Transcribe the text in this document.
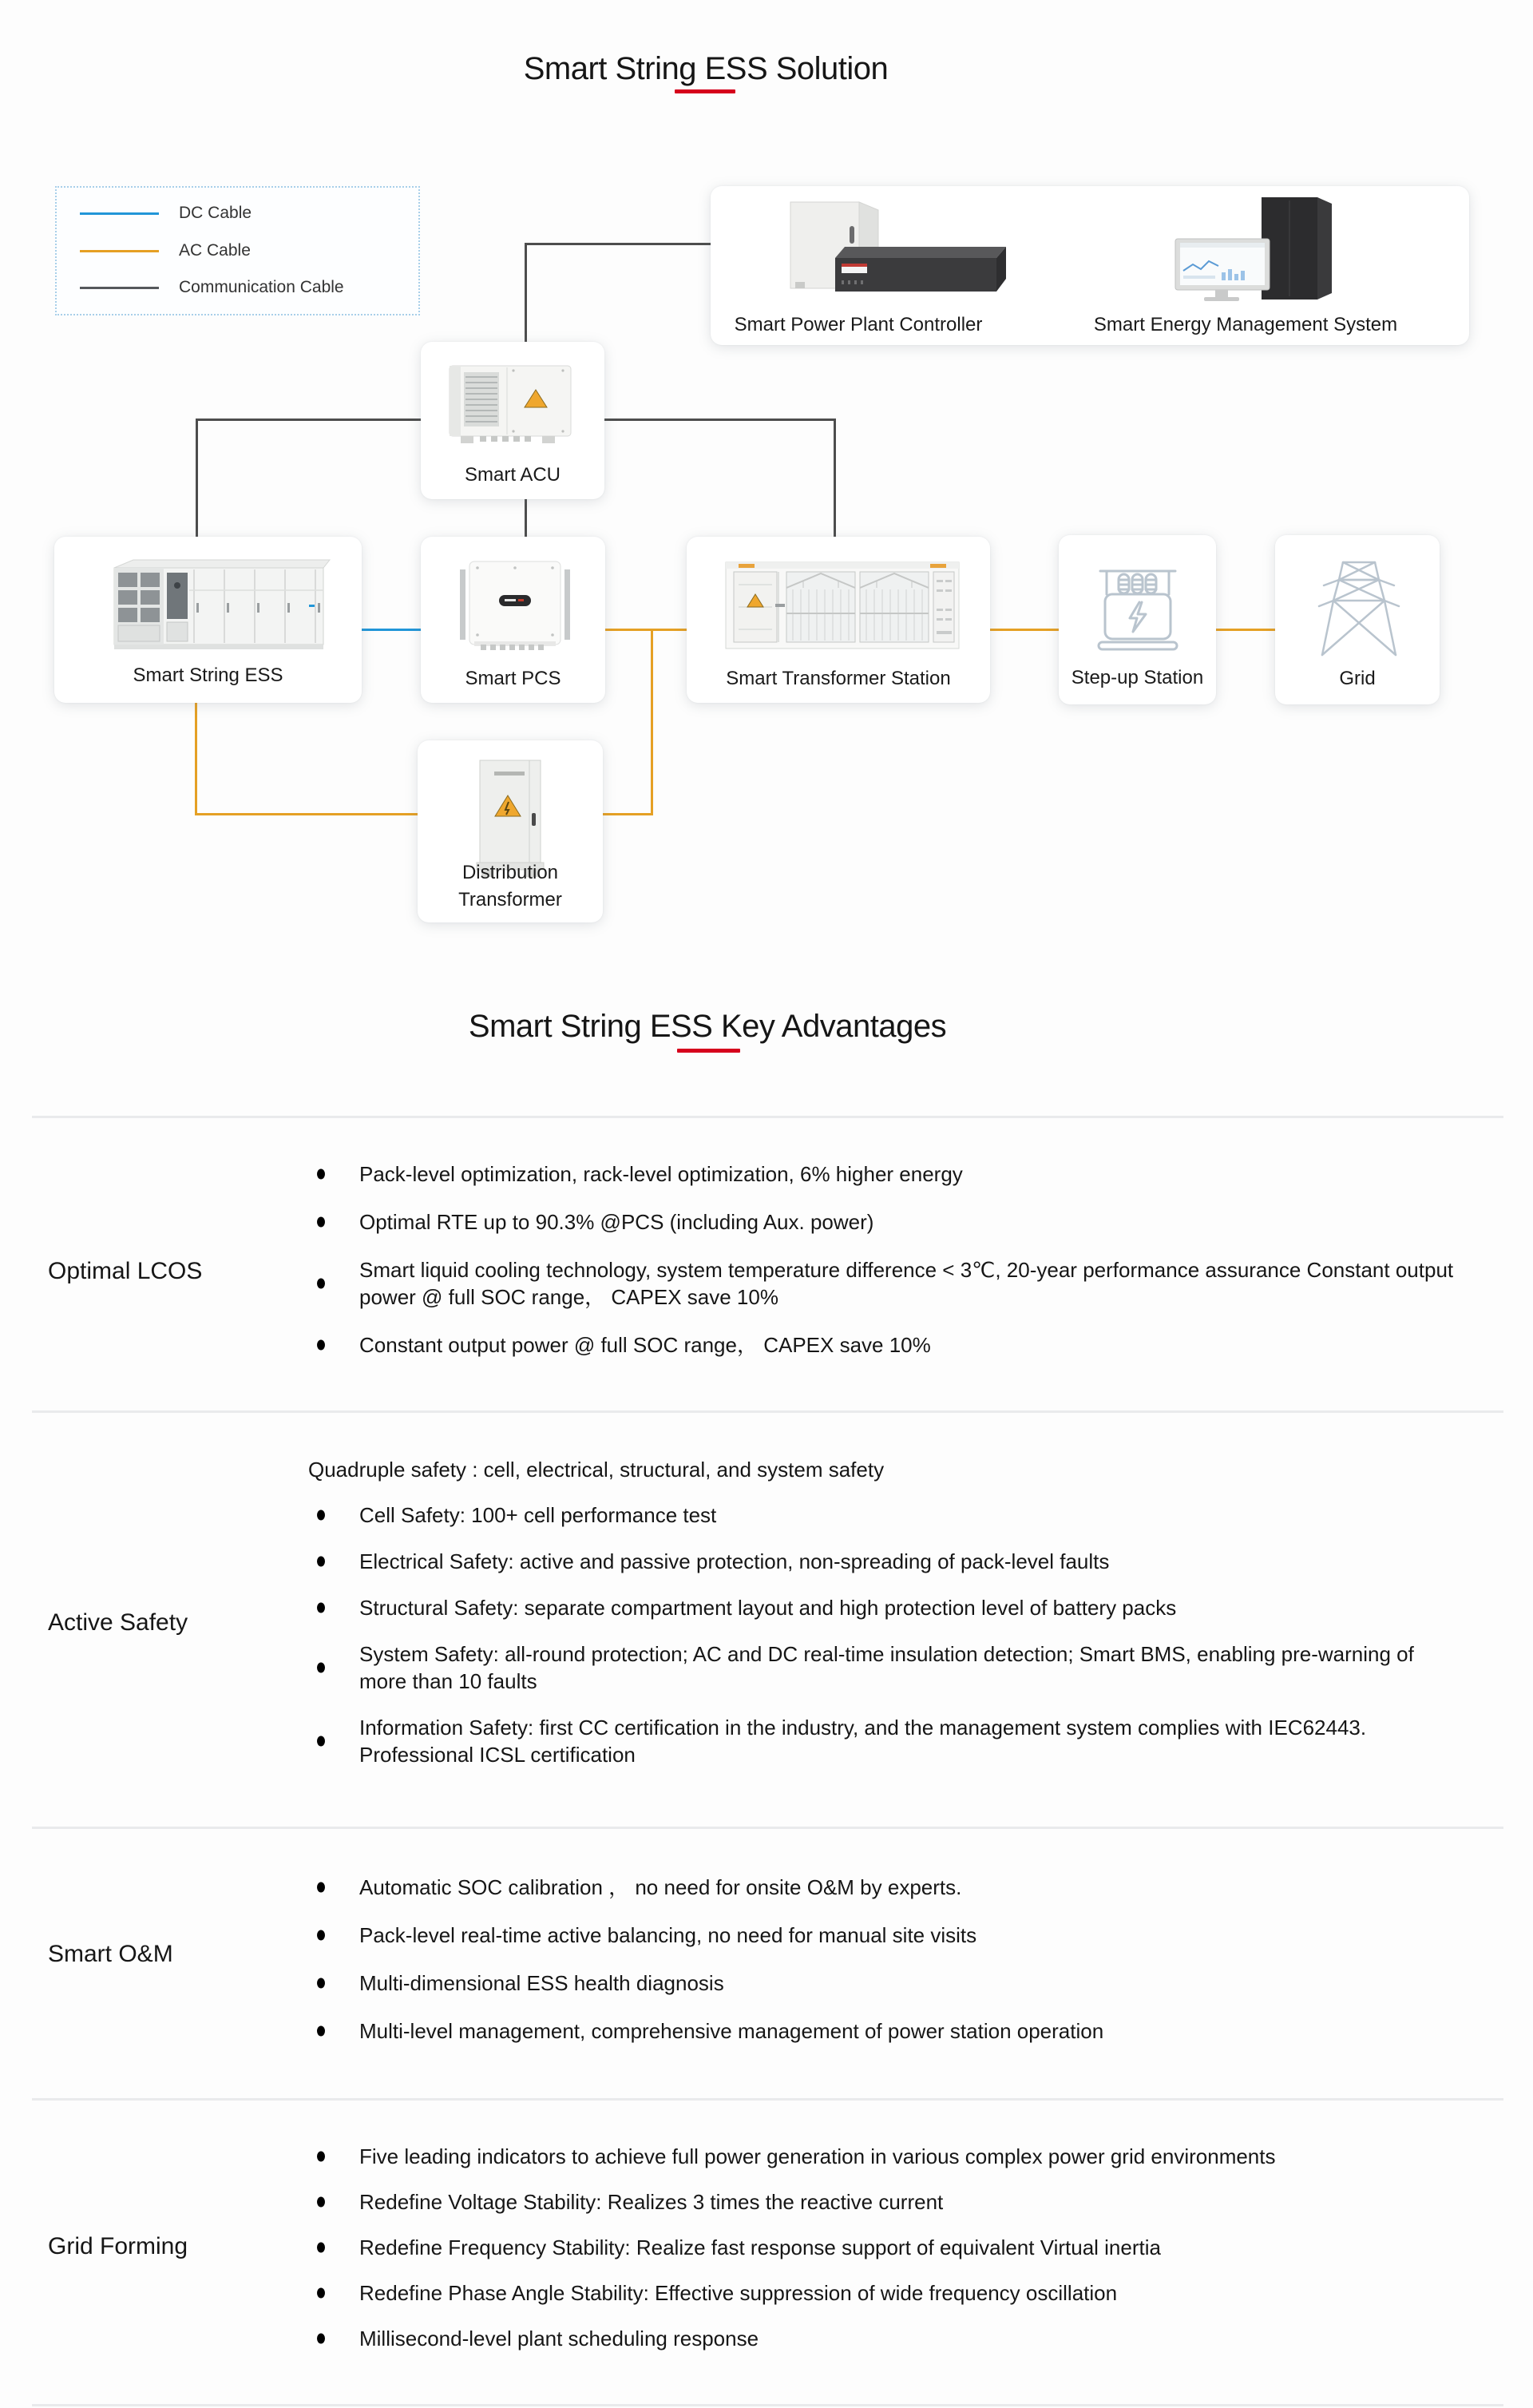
Smart String ESS Solution
DC Cable
AC Cable
Communication Cable
Smart Power Plant Controller	Smart Energy Management System
Smart ACU
Smart String ESS	Smart PCS	Smart Transformer Station	Step-up Station	Grid
Distribution
Transformer
Smart String ESS Key Advantages
Optimal LCOS
Pack-level optimization, rack-level optimization, 6% higher energy
Optimal RTE up to 90.3% @PCS (including Aux. power)
Smart liquid cooling technology, system temperature difference < 3℃, 20-year performance assurance Constant output power @ full SOC range， CAPEX save 10%
Constant output power @ full SOC range， CAPEX save 10%
Active Safety
Quadruple safety : cell, electrical, structural, and system safety
Cell Safety: 100+ cell performance test
Electrical Safety: active and passive protection, non-spreading of pack-level faults
Structural Safety: separate compartment layout and high protection level of battery packs
System Safety: all-round protection; AC and DC real-time insulation detection; Smart BMS, enabling pre-warning of more than 10 faults
Information Safety: first CC certification in the industry, and the management system complies with IEC62443. Professional ICSL certification
Smart O&M
Automatic SOC calibration ， no need for onsite O&M by experts.
Pack-level real-time active balancing, no need for manual site visits
Multi-dimensional ESS health diagnosis
Multi-level management, comprehensive management of power station operation
Grid Forming
Five leading indicators to achieve full power generation in various complex power grid environments
Redefine Voltage Stability: Realizes 3 times the reactive current
Redefine Frequency Stability: Realize fast response support of equivalent Virtual inertia
Redefine Phase Angle Stability: Effective suppression of wide frequency oscillation
Millisecond-level plant scheduling response
